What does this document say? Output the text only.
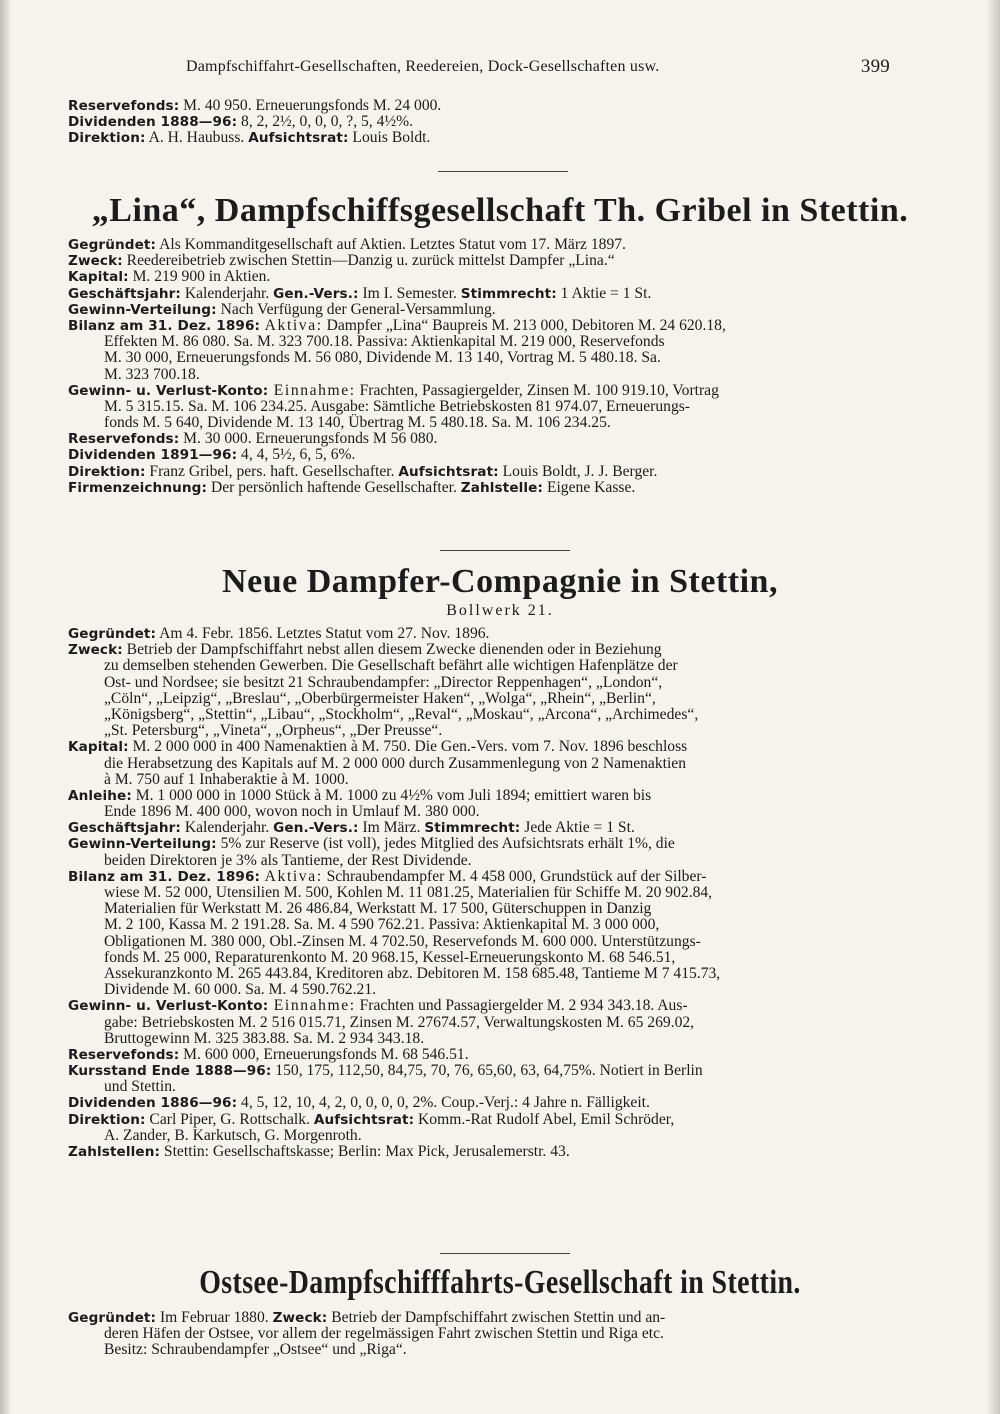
Dampfschiffahrt-Gesellschaften, Reedereien, Dock-Gesellschaften usw.	399
Reservefonds: M. 40 950. Erneuerungsfonds M. 24 000.
Dividenden 1888—96: 8, 2, 2½, 0, 0, 0, ?, 5, 4½%.
Direktion: A. H. Haubuss. Aufsichtsrat: Louis Boldt.
„Lina“, Dampfschiffsgesellschaft Th. Gribel in Stettin.
Gegründet: Als Kommanditgesellschaft auf Aktien. Letztes Statut vom 17. März 1897.
Zweck: Reedereibetrieb zwischen Stettin—Danzig u. zurück mittelst Dampfer „Lina.“
Kapital: M. 219 900 in Aktien.
Geschäftsjahr: Kalenderjahr. Gen.-Vers.: Im I. Semester. Stimmrecht: 1 Aktie = 1 St.
Gewinn-Verteilung: Nach Verfügung der General-Versammlung.
Bilanz am 31. Dez. 1896: Aktiva: Dampfer „Lina“ Baupreis M. 213 000, Debitoren M. 24 620.18,
Effekten M. 86 080. Sa. M. 323 700.18. Passiva: Aktienkapital M. 219 000, Reservefonds
M. 30 000, Erneuerungsfonds M. 56 080, Dividende M. 13 140, Vortrag M. 5 480.18. Sa.
M. 323 700.18.
Gewinn- u. Verlust-Konto: Einnahme: Frachten, Passagiergelder, Zinsen M. 100 919.10, Vortrag
M. 5 315.15. Sa. M. 106 234.25. Ausgabe: Sämtliche Betriebskosten 81 974.07, Erneuerungs-
fonds M. 5 640, Dividende M. 13 140, Übertrag M. 5 480.18. Sa. M. 106 234.25.
Reservefonds: M. 30 000. Erneuerungsfonds M 56 080.
Dividenden 1891—96: 4, 4, 5½, 6, 5, 6%.
Direktion: Franz Gribel, pers. haft. Gesellschafter. Aufsichtsrat: Louis Boldt, J. J. Berger.
Firmenzeichnung: Der persönlich haftende Gesellschafter. Zahlstelle: Eigene Kasse.
Neue Dampfer-Compagnie in Stettin,
Bollwerk 21.
Gegründet: Am 4. Febr. 1856. Letztes Statut vom 27. Nov. 1896.
Zweck: Betrieb der Dampfschiffahrt nebst allen diesem Zwecke dienenden oder in Beziehung
zu demselben stehenden Gewerben. Die Gesellschaft befährt alle wichtigen Hafenplätze der
Ost- und Nordsee; sie besitzt 21 Schraubendampfer: „Director Reppenhagen“, „London“,
„Cöln“, „Leipzig“, „Breslau“, „Oberbürgermeister Haken“, „Wolga“, „Rhein“, „Berlin“,
„Königsberg“, „Stettin“, „Libau“, „Stockholm“, „Reval“, „Moskau“, „Arcona“, „Archimedes“,
„St. Petersburg“, „Vineta“, „Orpheus“, „Der Preusse“.
Kapital: M. 2 000 000 in 400 Namenaktien à M. 750. Die Gen.-Vers. vom 7. Nov. 1896 beschloss
die Herabsetzung des Kapitals auf M. 2 000 000 durch Zusammenlegung von 2 Namenaktien
à M. 750 auf 1 Inhaberaktie à M. 1000.
Anleihe: M. 1 000 000 in 1000 Stück à M. 1000 zu 4½% vom Juli 1894; emittiert waren bis
Ende 1896 M. 400 000, wovon noch in Umlauf M. 380 000.
Geschäftsjahr: Kalenderjahr. Gen.-Vers.: Im März. Stimmrecht: Jede Aktie = 1 St.
Gewinn-Verteilung: 5% zur Reserve (ist voll), jedes Mitglied des Aufsichtsrats erhält 1%, die
beiden Direktoren je 3% als Tantieme, der Rest Dividende.
Bilanz am 31. Dez. 1896: Aktiva: Schraubendampfer M. 4 458 000, Grundstück auf der Silber-
wiese M. 52 000, Utensilien M. 500, Kohlen M. 11 081.25, Materialien für Schiffe M. 20 902.84,
Materialien für Werkstatt M. 26 486.84, Werkstatt M. 17 500, Güterschuppen in Danzig
M. 2 100, Kassa M. 2 191.28. Sa. M. 4 590 762.21. Passiva: Aktienkapital M. 3 000 000,
Obligationen M. 380 000, Obl.-Zinsen M. 4 702.50, Reservefonds M. 600 000. Unterstützungs-
fonds M. 25 000, Reparaturenkonto M. 20 968.15, Kessel-Erneuerungskonto M. 68 546.51,
Assekuranzkonto M. 265 443.84, Kreditoren abz. Debitoren M. 158 685.48, Tantieme M 7 415.73,
Dividende M. 60 000. Sa. M. 4 590.762.21.
Gewinn- u. Verlust-Konto: Einnahme: Frachten und Passagiergelder M. 2 934 343.18. Aus-
gabe: Betriebskosten M. 2 516 015.71, Zinsen M. 27674.57, Verwaltungskosten M. 65 269.02,
Bruttogewinn M. 325 383.88. Sa. M. 2 934 343.18.
Reservefonds: M. 600 000, Erneuerungsfonds M. 68 546.51.
Kursstand Ende 1888—96: 150, 175, 112,50, 84,75, 70, 76, 65,60, 63, 64,75%. Notiert in Berlin
und Stettin.
Dividenden 1886—96: 4, 5, 12, 10, 4, 2, 0, 0, 0, 0, 2%. Coup.-Verj.: 4 Jahre n. Fälligkeit.
Direktion: Carl Piper, G. Rottschalk. Aufsichtsrat: Komm.-Rat Rudolf Abel, Emil Schröder,
A. Zander, B. Karkutsch, G. Morgenroth.
Zahlstellen: Stettin: Gesellschaftskasse; Berlin: Max Pick, Jerusalemerstr. 43.
Ostsee-Dampfschifffahrts-Gesellschaft in Stettin.
Gegründet: Im Februar 1880. Zweck: Betrieb der Dampfschiffahrt zwischen Stettin und an-
deren Häfen der Ostsee, vor allem der regelmässigen Fahrt zwischen Stettin und Riga etc.
Besitz: Schraubendampfer „Ostsee“ und „Riga“.
